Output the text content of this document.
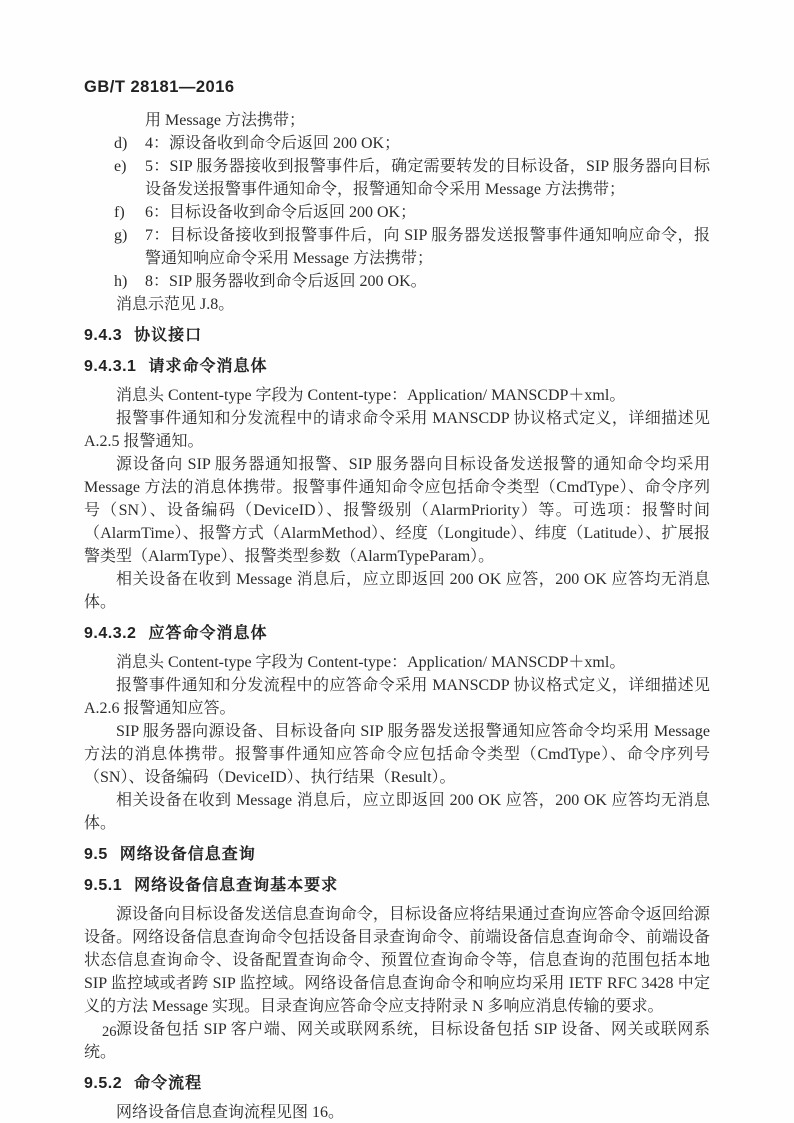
GB/T 28181—2016
用 Message 方法携带；
d) 4：源设备收到命令后返回 200 OK；
e) 5：SIP 服务器接收到报警事件后，确定需要转发的目标设备，SIP 服务器向目标设备发送报警事件通知命令，报警通知命令采用 Message 方法携带；
f) 6：目标设备收到命令后返回 200 OK；
g) 7：目标设备接收到报警事件后，向 SIP 服务器发送报警事件通知响应命令，报警通知响应命令采用 Message 方法携带；
h) 8：SIP 服务器收到命令后返回 200 OK。

消息示范见 J.8。

9.4.3 协议接口
9.4.3.1 请求命令消息体

消息头 Content-type 字段为 Content-type：Application/ MANSCDP＋xml。

报警事件通知和分发流程中的请求命令采用 MANSCDP 协议格式定义，详细描述见 A.2.5 报警通知。

源设备向 SIP 服务器通知报警、SIP 服务器向目标设备发送报警的通知命令均采用 Message 方法的消息体携带。报警事件通知命令应包括命令类型（CmdType）、命令序列号（SN）、设备编码（DeviceID）、报警级别（AlarmPriority）等。可选项：报警时间（AlarmTime）、报警方式（AlarmMethod）、经度（Longitude）、纬度（Latitude）、扩展报警类型（AlarmType）、报警类型参数（AlarmTypeParam）。

相关设备在收到 Message 消息后，应立即返回 200 OK 应答，200 OK 应答均无消息体。

9.4.3.2 应答命令消息体

消息头 Content-type 字段为 Content-type：Application/ MANSCDP＋xml。

报警事件通知和分发流程中的应答命令采用 MANSCDP 协议格式定义，详细描述见 A.2.6 报警通知应答。

SIP 服务器向源设备、目标设备向 SIP 服务器发送报警通知应答命令均采用 Message 方法的消息体携带。报警事件通知应答命令应包括命令类型（CmdType）、命令序列号（SN）、设备编码（DeviceID）、执行结果（Result）。

相关设备在收到 Message 消息后，应立即返回 200 OK 应答，200 OK 应答均无消息体。

9.5 网络设备信息查询
9.5.1 网络设备信息查询基本要求

源设备向目标设备发送信息查询命令，目标设备应将结果通过查询应答命令返回给源设备。网络设备信息查询命令包括设备目录查询命令、前端设备信息查询命令、前端设备状态信息查询命令、设备配置查询命令、预置位查询命令等，信息查询的范围包括本地 SIP 监控域或者跨 SIP 监控域。网络设备信息查询命令和响应均采用 IETF RFC 3428 中定义的方法 Message 实现。目录查询应答命令应支持附录 N 多响应消息传输的要求。

源设备包括 SIP 客户端、网关或联网系统，目标设备包括 SIP 设备、网关或联网系统。

9.5.2 命令流程

网络设备信息查询流程见图 16。

26
